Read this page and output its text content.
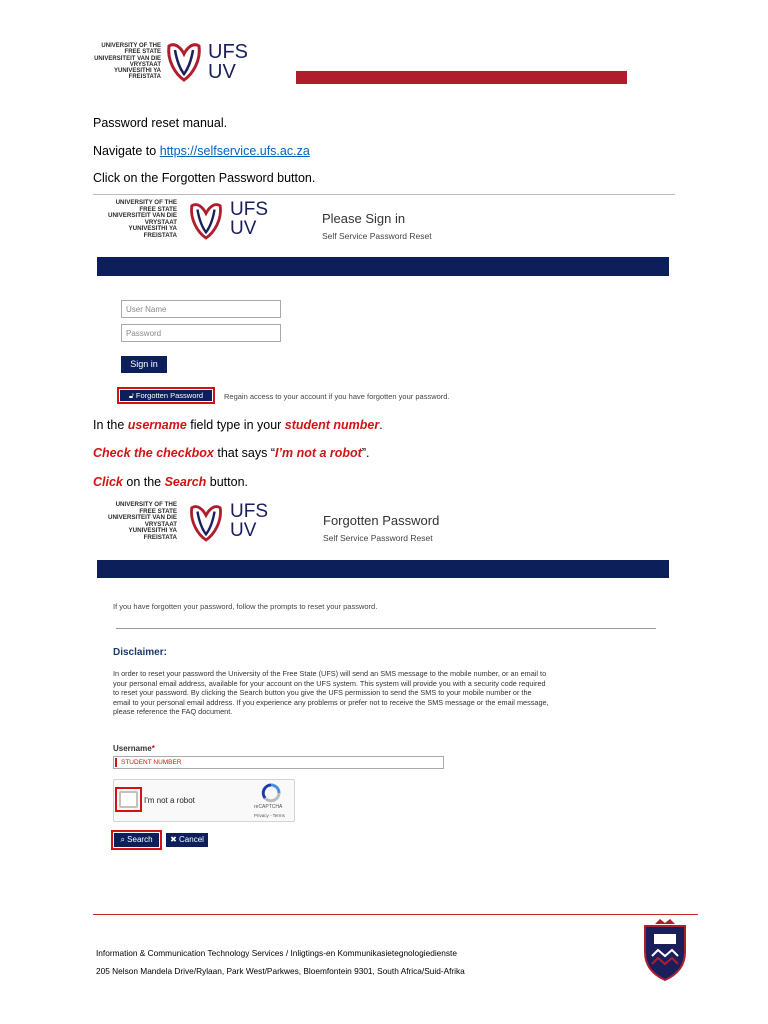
UNIVERSITY OF THE
FREE STATE
UNIVERSITEIT VAN DIE
VRYSTAAT
YUNIVESITHI YA
FREISTATA
UFS
UV
Password reset manual.
Navigate to https://selfservice.ufs.ac.za
Click on the Forgotten Password button.
UNIVERSITY OF THE
FREE STATE
UNIVERSITEIT VAN DIE
VRYSTAAT
YUNIVESITHI YA
FREISTATA
UFS
UV	Please Sign in
Self Service Password Reset
User Name
Password
Sign in
🔓︎ Forgotten Password	Regain access to your account if you have forgotten your password.
In the username field type in your student number.
Check the checkbox that says “I’m not a robot”.
Click on the Search button.
UNIVERSITY OF THE
FREE STATE
UNIVERSITEIT VAN DIE
VRYSTAAT
YUNIVESITHI YA
FREISTATA
UFS
UV	Forgotten Password
Self Service Password Reset
If you have forgotten your password, follow the prompts to reset your password.
Disclaimer:
In order to reset your password the University of the Free State (UFS) will send an SMS message to the mobile number, or an email to
your personal email address, available for your account on the UFS system. This system will provide you with a security code required
to reset your password. By clicking the Search button you give the UFS permission to send the SMS to your mobile number or the
email to your personal email address. If you experience any problems or prefer not to receive the SMS message or the email message,
please reference the FAQ document.
Username*
STUDENT NUMBER
I'm not a robot
reCAPTCHA
Privacy - Terms
⌕ Search	✖ Cancel
Information & Communication Technology Services / Inligtings-en Kommunikasietegnologiedienste
205 Nelson Mandela Drive/Rylaan, Park West/Parkwes, Bloemfontein 9301, South Africa/Suid-Afrika
